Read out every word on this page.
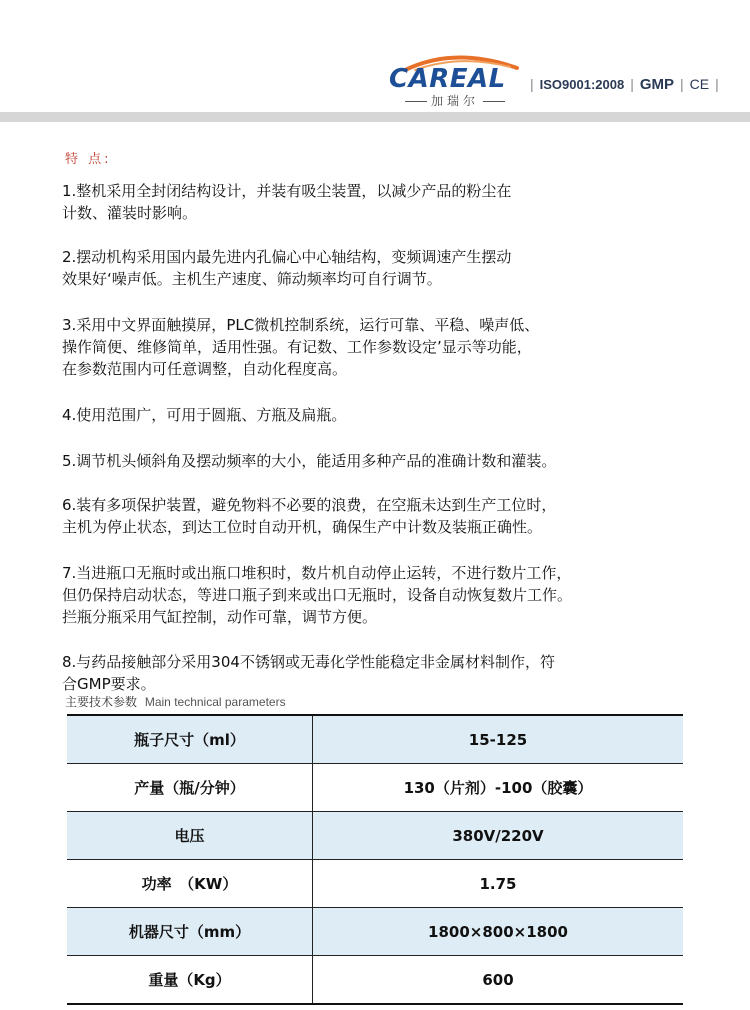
CAREAL
加瑞尔
| ISO9001:2008 | GMP | CE |
特 点:
1.整机采用全封闭结构设计，并装有吸尘装置，以减少产品的粉尘在
计数、灌装时影响。
2.摆动机构采用国内最先进内孔偏心中心轴结构，变频调速产生摆动
效果好‘噪声低。主机生产速度、筛动频率均可自行调节。
3.采用中文界面触摸屏，PLC微机控制系统，运行可靠、平稳、噪声低、
操作简便、维修简单，适用性强。有记数、工作参数设定’显示等功能，
在参数范围内可任意调整，自动化程度高。
4.使用范围广，可用于圆瓶、方瓶及扁瓶。
5.调节机头倾斜角及摆动频率的大小，能适用多种产品的准确计数和灌装。
6.装有多项保护装置，避免物料不必要的浪费，在空瓶未达到生产工位时，
主机为停止状态，到达工位时自动开机，确保生产中计数及装瓶正确性。
7.当进瓶口无瓶时或出瓶口堆积时，数片机自动停止运转，不进行数片工作，
但仍保持启动状态，等进口瓶子到来或出口无瓶时，设备自动恢复数片工作。
拦瓶分瓶采用气缸控制，动作可靠，调节方便。
8.与药品接触部分采用304不锈钢或无毒化学性能稳定非金属材料制作，符
合GMP要求。
主要技术参数 Main technical parameters
瓶子尺寸（ml）	15-125
产量（瓶/分钟）	130（片剂）-100（胶囊）
电压	380V/220V
功率　（KW）	1.75
机器尺寸（mm）	1800×800×1800
重量（Kg）	600
